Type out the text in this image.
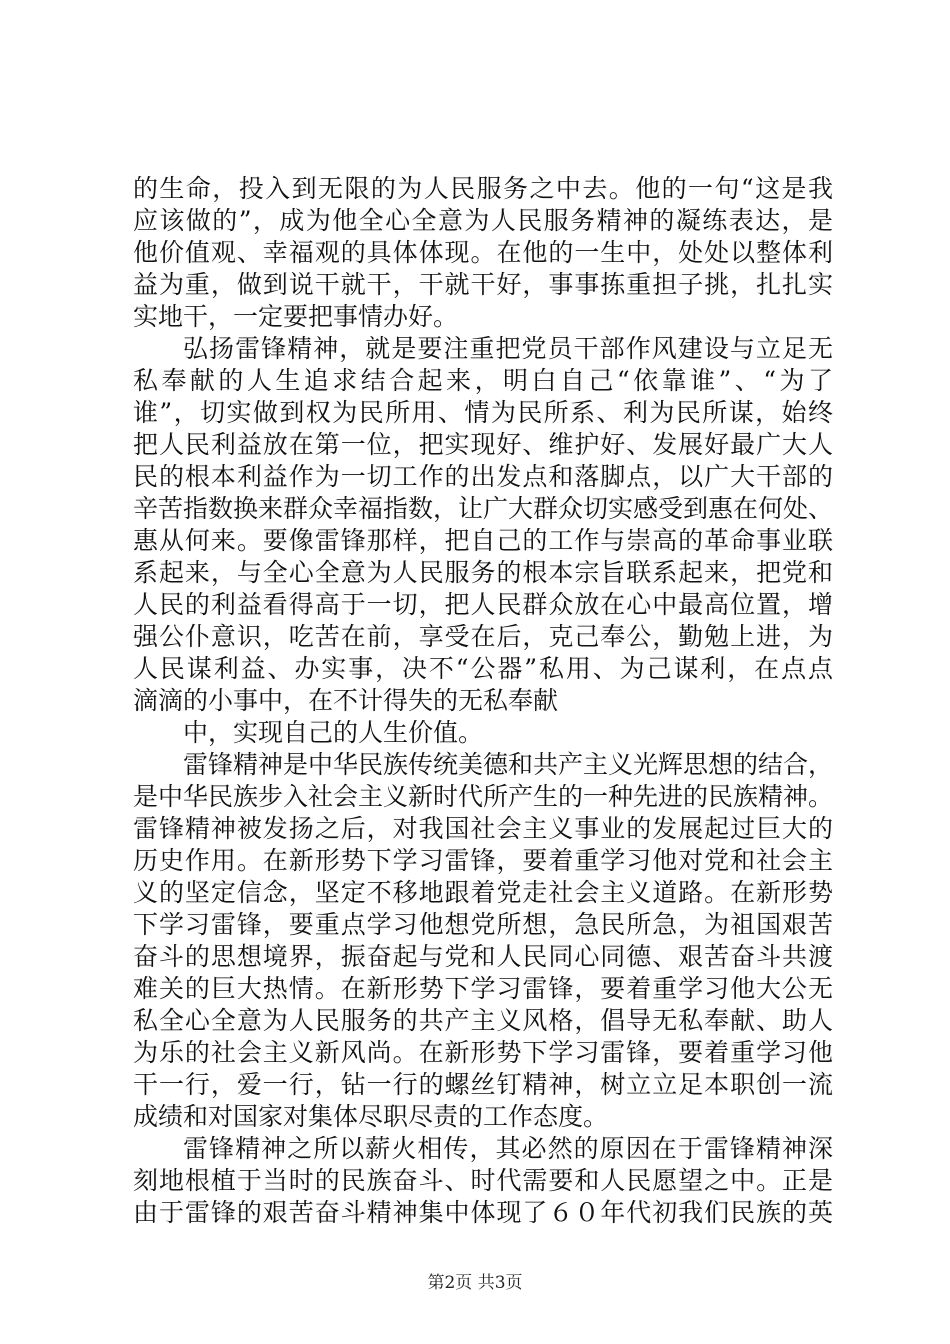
的生命，投入到无限的为人民服务之中去。他的一句“这是我
应该做的”，成为他全心全意为人民服务精神的凝练表达，是
他价值观、幸福观的具体体现。在他的一生中，处处以整体利
益为重，做到说干就干，干就干好，事事拣重担子挑，扎扎实
实地干，一定要把事情办好。
弘扬雷锋精神，就是要注重把党员干部作风建设与立足无
私奉献的人生追求结合起来，明白自己“依靠谁”、“为了
谁”，切实做到权为民所用、情为民所系、利为民所谋，始终
把人民利益放在第一位，把实现好、维护好、发展好最广大人
民的根本利益作为一切工作的出发点和落脚点，以广大干部的
辛苦指数换来群众幸福指数，让广大群众切实感受到惠在何处、
惠从何来。要像雷锋那样，把自己的工作与崇高的革命事业联
系起来，与全心全意为人民服务的根本宗旨联系起来，把党和
人民的利益看得高于一切，把人民群众放在心中最高位置，增
强公仆意识，吃苦在前，享受在后，克己奉公，勤勉上进，为
人民谋利益、办实事，决不“公器”私用、为己谋利，在点点
滴滴的小事中，在不计得失的无私奉献
中，实现自己的人生价值。
雷锋精神是中华民族传统美德和共产主义光辉思想的结合，
是中华民族步入社会主义新时代所产生的一种先进的民族精神。
雷锋精神被发扬之后，对我国社会主义事业的发展起过巨大的
历史作用。在新形势下学习雷锋，要着重学习他对党和社会主
义的坚定信念，坚定不移地跟着党走社会主义道路。在新形势
下学习雷锋，要重点学习他想党所想，急民所急，为祖国艰苦
奋斗的思想境界，振奋起与党和人民同心同德、艰苦奋斗共渡
难关的巨大热情。在新形势下学习雷锋，要着重学习他大公无
私全心全意为人民服务的共产主义风格，倡导无私奉献、助人
为乐的社会主义新风尚。在新形势下学习雷锋，要着重学习他
干一行，爱一行，钻一行的螺丝钉精神，树立立足本职创一流
成绩和对国家对集体尽职尽责的工作态度。
雷锋精神之所以薪火相传，其必然的原因在于雷锋精神深
刻地根植于当时的民族奋斗、时代需要和人民愿望之中。正是
由于雷锋的艰苦奋斗精神集中体现了６０年代初我们民族的英
第2页 共3页
